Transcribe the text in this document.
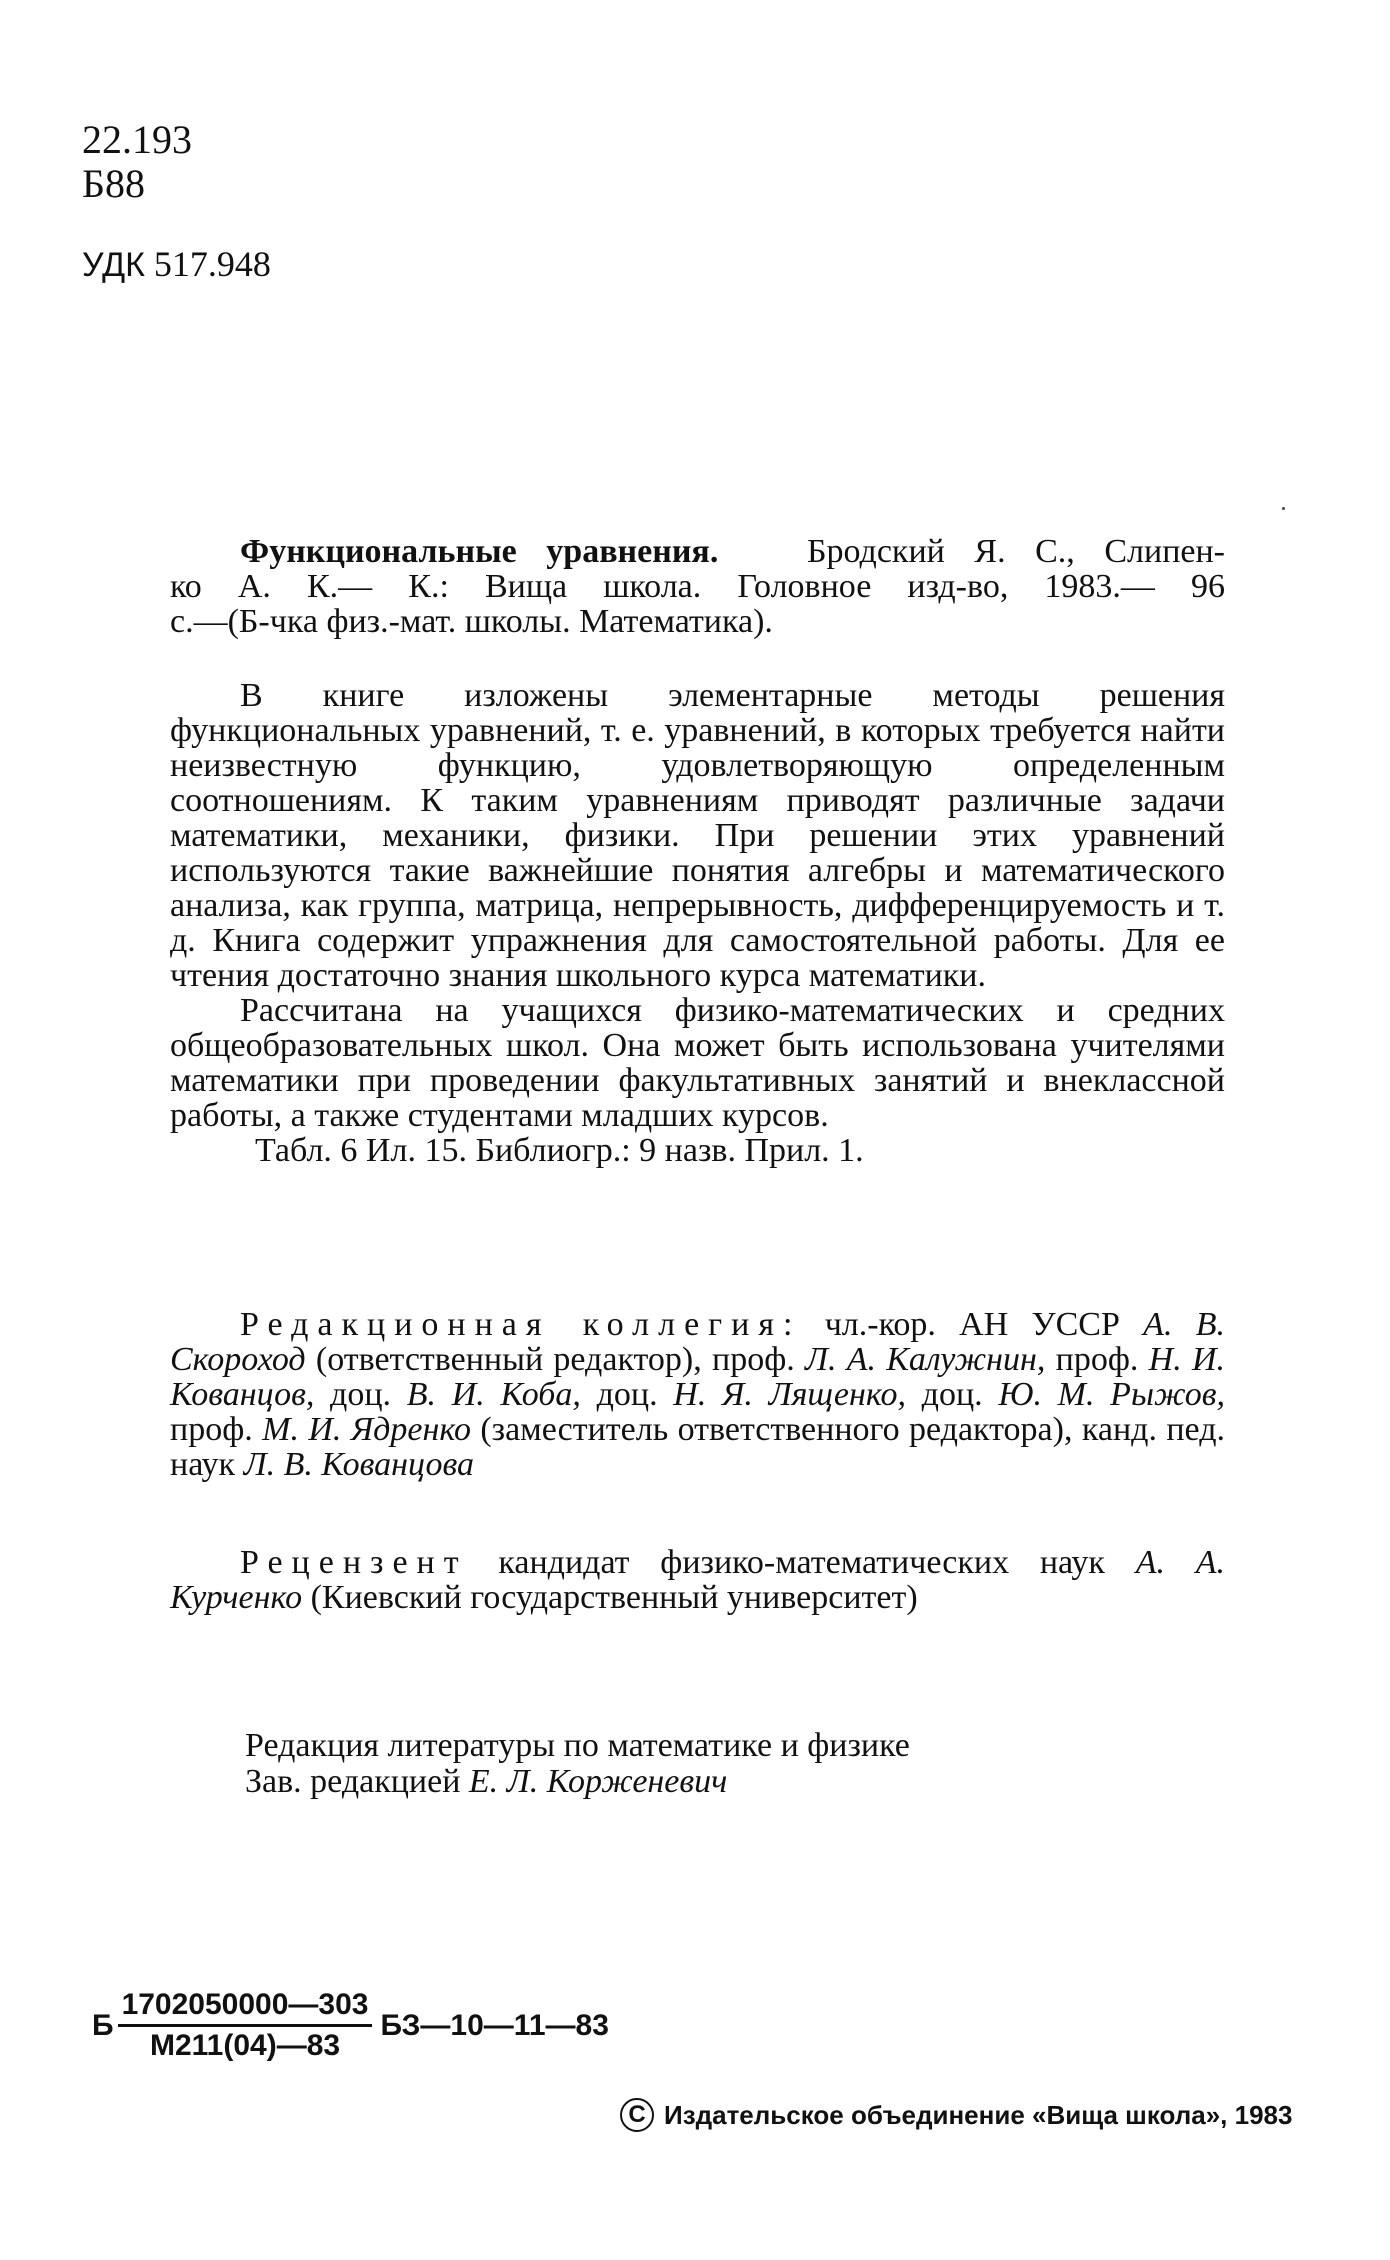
22.193
Б88
УДК 517.948
Функциональные уравнения.	Бродский Я. С., Слипен-
ко А. К.— К.: Вища школа. Головное изд-во, 1983.— 96
с.—(Б-чка физ.-мат. школы. Математика).

В книге изложены элементарные методы решения функциональных уравнений, т. е. уравнений, в которых требуется найти неизвестную функцию, удовлетворяющую определенным соотношениям. К таким уравнениям приводят различные задачи математики, механики, физики. При решении этих уравнений используются такие важнейшие понятия алгебры и математического анализа, как группа, матрица, непрерывность, дифференцируемость и т. д. Книга содержит упражнения для самостоятельной работы. Для ее чтения достаточно знания школьного курса математики.

Рассчитана на учащихся физико-математических и средних общеобразовательных школ. Она может быть использована учителями математики при проведении факультативных занятий и внеклассной работы, а также студентами младших курсов.

Табл. 6 Ил. 15. Библиогр.: 9 назв. Прил. 1.

Редакционная коллегия: чл.-кор. АН УССР А. В. Скороход (ответственный редактор), проф. Л. А. Калужнин, проф. Н. И. Кованцов, доц. В. И. Коба, доц. Н. Я. Лященко, доц. Ю. М. Рыжов, проф. М. И. Ядренко (заместитель ответственного редактора), канд. пед. наук Л. В. Кованцова
Рецензент кандидат физико-математических наук А. А. Курченко (Киевский государственный университет)
Редакция литературы по математике и физике
Зав. редакцией Е. Л. Корженевич
Б $\frac{1702050000—303}{М211(04)—83}$ БЗ—10—11—83
C Издательское объединение «Вища школа», 1983
